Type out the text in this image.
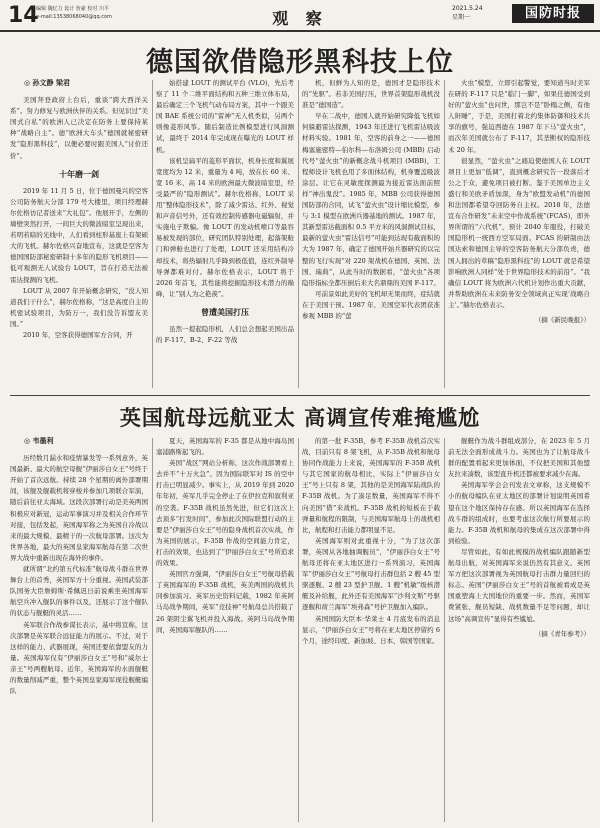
14
编辑 魏忆力 设计 詹豪 校对 川平
e-mail:13538068040@qq.com	观 察
2021.5.24
星期一	国防时报
德国欲借隐形黑科技上位

◎ 孙文静 梁君

美国拜登政府上台后，重谈“跨大西洋关系”。努力修复与欧洲伙伴的关系。但见识过“美国式自私”的欧洲人已决定在防务上要保持某种“战略自主”。德“欧洲大车头”德国就秘密研发“隐形黑科技”，以便必要时跟美国人“讨价还价”。

十年磨一剑

2019 年 11 月 5 日，位于德国曼兴的空客公司防务航天分部 179 号大楼里，项目经理赫尔佐格彷记者送来“大礼包”。他展开手，左侧的墙壁突然打开，一间巨大的微波暗室呈现出来，若明若暗的光线中，人们看到柱形基座上有架硕大的飞机。赫尔佐格兴奋地宣布，这就是空客为德国国防部秘密研制十多年的隐形飞机项目——低可观测无人试验台 LOUT，旨在打造无法被雷达探测的飞机。

LOUT 从 2007 年开始概念研究，“没人知道我们干什么”，赫尔佐格称，“这是高度自主的机密试验项目，为防万一，我们没告诉盟友美国。”

2010 年，空客获得德国军方合同，开

始搭建 LOUT 的测试平台 (VLO)，先后考察了 11 个二维平面结构和五种三维立体布局，最后确定三个飞机气动布局方案，其中一个跟美国 BAE 系统公司的“雷神”无人机类似，另两个则像菱形风筝。随后制造比例模型进行风洞测试，最终于 2014 年完成现在曝光的 LOUT 样机。

该机呈扁平的菱形平面状，机身长度和翼展宽度均为 12 米，重量为 4 吨，放在长 60 米、宽 16 米、高 14 米的欧洲最大微波暗室里，经受最严的“隐形测试”。赫尔佐格称，LOUT 采用“整体隐形技术”，除了减少雷达、红外、视觉和声音信号外，还有效控制传感器电磁辐射，并实施电子欺骗。像 LOUT 的发动机喷口等最容易被发现的部位，研究团队特别处理，起落架舱门和弹舱也进行了处理，LOUT 还采用结构冷却技术，将热辐射几乎降到极低值，连红外制导导弹都难对付。赫尔佐格表示，LOUT 将于 2026 年首飞，其性能将挖掘隐形技术潜力的巅峰，让“别人为之艳羡”。

曾遭美国打压

虽然一提起隐形机，人们总会想起美国出品的 F-117、B-2、F-22 等战

机，但鲜为人知的是，德国才是隐形技术的“先驱”。若非美国打压，世界首架隐形战机没准是“德国造”。

早在二战中，德国人就开始研究降低飞机如何躲避雷达探测，1943 年还进行飞机雷达吸波材料实验。1981 年，空客的前身之一——德国梅塞施密特—伯尔科—布洛姆公司 (MBB) 启动代号“萤火虫”的新概念战斗机项目 (MBB)，工程师设计飞机也用了多面体结构，机身覆盖吸波涂层。让它在灵敏度探测最为接近雷达面前照样“神出鬼没”。1985 年，MBB 公司获得德国国防部的合同，试飞“萤火虫”设计缩比模型，参与 3:1 模型在欧洲兵器基地的测试。1987 年，其新型雷达截面积 0.5 平方米的风洞测试目标，最新的萤火虫“雷达信号”可能到达现有截面积的大为 1987 年，确定了德国开始兵器研究的以完整的飞行实现“对 220 架战机在德国、英国、法国、瑞典”，从此当时的数据看，“萤火虫”各项隐形指标全都压倒后来大名鼎鼎的美国 F-117。

可前景如此美好的飞机却无果而终，症结就在于美国干预。1987 年，美国空军代表团获准参观 MBB 的“萤

火虫”模型，立即引起警觉，要知道当时美军在研的 F-117 只是“临门一脚”，如果任德国受到好的“萤火虫”也问世，那岂不是“卧榻之侧，有他人鼾睡”，于是，美国打着北约集体防御和技术共享的旗号，强迫西德在 1987 年下马“萤火虫”，而次年美国就公布了 F-117，其垄断权的隐形技术 20 年。

很显然，“萤火虫”之痛迫使德国人在 LOUT 项目上更加“低调”，直到概念研究告一段落后才公之于众，避免项目被打断。鉴于美国单边主义盛行和美欧矛盾加深，身为“欧盟发动机”的德国和法国都希望夺回防务自主权。2018 年，法德宣布合作研发“未来空中作战系统”(FCAS)，即外界所谓的“六代机”，预计 2040 年服役，打破美国隐形机一统西方空军局面。FCAS 的研制由法国达索和德国主导的空客防务航天分部负责，德国人拥出的草稿“隐形黑科技”的 LOUT 就是希望影响欧洲人同样“处于世界隐形技术的前沿”。“我确信 LOUT 将为欧洲六代机计划作出重大贡献，并帮助欧洲在未来防务安全领域真正实现‘战略自主’。”赫尔佐格表示。

（摘《新民晚报》）

英国航母远航亚太 高调宣传难掩尴尬

◎ 韦墨利

历经数月漏水和疫情暴发等一系列意外，英国最新、最大的航空母舰“伊丽莎白女王”号终于开始了首次远航。持续 28 个星期的离外部署期间，该舰及舰载机将穿梭并参加几项联合军演，随后前往亚太海域。这段次部署行动是美英两国积极应对新冠，运动军事演习并及相关合作环节对接，包括发起，英国海军称之为英国自冷战以来的最大规模、最精干的一次航母部署。这次为世界各地，最大的英国皇家海军航母在第二次世界大战中重新出现在海外的事件。

就所谓“北约第五代标准”航母战斗群在世界舞台上的首秀，英国军方十分重视。英国武装部队国务大臣詹姆斯·希佩迟日前说乘坐英国海军航空兵冲入舰队的事件以及，还展示了这个舰队的状态与舰艇的灵活……

英军联合作战参谋长表示，基中将宣称，这次部署是英军联合远征能力的展示。不过，对于这样的能力、武器展现，英国还要依靠盟友的力量。英国海军仅有“伊丽莎白女王”号和“威尔士亲王”号两艘航母。近年，英国海军的水面舰艇的数量削减严重，整个英国皇家海军现役舰艇编队

夏天，英国海军的 F-35 都是从地中海岛国塞浦路斯起飞的。

英国“战区”网站分析称，这次作战部署看上去并不“十万火急”。因为国际联军对 IS 的空中打击已明显减少。事实上，从 2019 年到 2020 年年初，英军几乎完全停止了在伊拉克和叙利亚的空袭。F-35B 战机虽然先进，但它们这次上去顶多“打发时间”，参加此次国际联盟行动的主要是“伊丽莎白女王”号的隐身战机首次实战，作为英国的展示，F-35B 作战的空间能力肯定，打击的效果，也达到了“伊丽莎白女王”号所追求的效果。

英国官方强调，“伊丽莎白女王”号航母搭载了英国海军的 F-35B 战机，英美两国的战机共同参加演习。英军历史资料记载，1982 年英阿马岛战争期间，英军“竞技神”号航母总共搭载了 26 架阴尘翼飞机并投入海战。英阿马岛战争期间，英国海军舰队的……

的第一批 F-35B，参考 F-35B 战机首次实战，目前只有 8 架飞机，从 F-35B 战机和航母协同作战能力上来说，英国海军的 F-35B 战机与其它国家的航母相比，实际上“伊丽莎白女王”号上只有 8 架，其他的是美国海军陆战队的 F-35B 战机。为了凑足数量，英国海军不得不向美国“借”来战机。F-35B 战机的短板在于载弹量和航程的限制，与美国海军航母上的战机相比，航程和打击能力都明显不足。

英国海军则对此重视十分，“为了这次部署，英国从各地抽调舰员”，“伊丽莎白女王”号航母还将在亚太地区进行一系列演习，英国海军“伊丽莎白女王”号航母打击群包括 2 艘 45 型驱逐舰、2 艘 23 型护卫舰、1 艘“机敏”级核潜艇及补给舰，此外还有美国海军“沙利文斯”号驱逐舰和荷兰海军“埃弗森”号护卫舰加入编队。

英国国防大臣本·华莱士 4 月底发布的消息显示，“伊丽莎白女王”号将在亚太地区停留约 6 个月，途经印度、新加坡、日本、韩国等国家。

舰艇作为战斗群组成部分，在 2023 年 5 月前无法全面形成战斗力。英国也为了让航母战斗群的配置看起来更加体面，不仅把美国和其他盟友拉来凑数，该型直升机还都被要求减少在海。

英国海军学会会刊发表文章称，这支规模不小的航母编队在亚太地区的部署计划说明英国希望在这个地区保持存在感。所以英国海军在选择战斗群的组成时，也要考虑这次航行所要展示的能力。F-35B 战机和航母的集成在这次部署中得到检验。

尽管如此，有如此规模的战机编队跟随新型航母出航，对英国海军来说仍然有其意义。英国军方把这次部署视为英国航母打击群力量回归的标志。英国“伊丽莎白女王”号的首航被看成是英国重塑海上大国地位的重要一步。然而，英国军费紧张、舰员短缺、战机数量不足等问题，却让这场“高调宣传”显得有些尴尬。

（摘《青年参考》）
